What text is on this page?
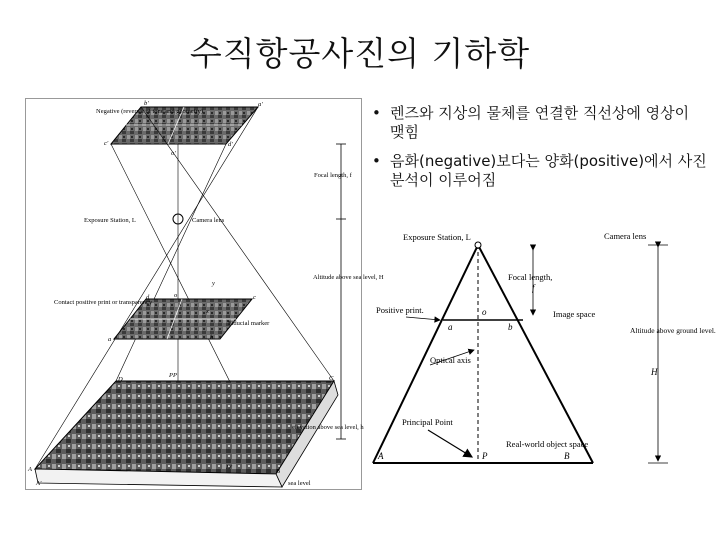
수직항공사진의 기하학
Negative (reversal of tone and geometry)
Focal length, f
Exposure Station, L	Camera lens
Altitude above sea level, H
Contact positive print or transparency
Fiducial marker
elevation above sea level, h
sea level
b'	a'
c'	d'
o'
o
y
x
d	c
a	b
D	C
PP
A	B
D'
A'
• 렌즈와 지상의 물체를 연결한 직선상에 영상이 맺힘
• 음화(negative)보다는 양화(positive)에서 사진 분석이 이루어짐
Exposure Station, L	Camera lens
Focal length,
Positive print.	Image space
Optical axis
Altitude above ground level.
Principal Point
Real-world object space
f
H
a
o
b
A	P	B
